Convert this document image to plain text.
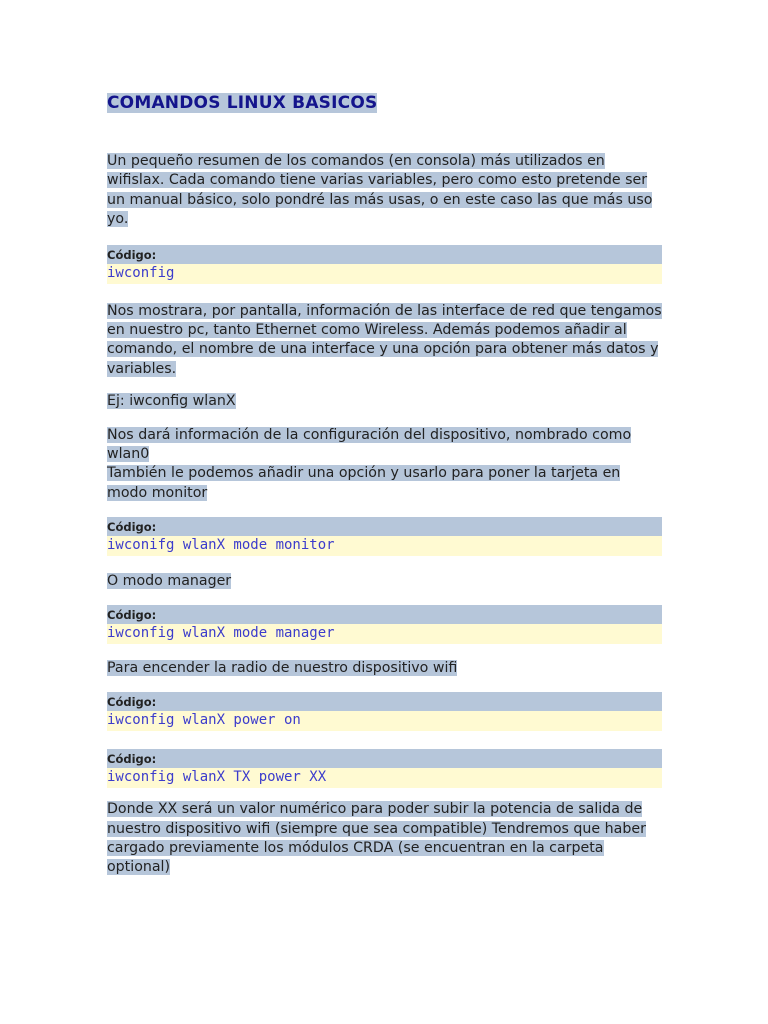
COMANDOS LINUX BASICOS

Un pequeño resumen de los comandos (en consola) más utilizados en wifislax. Cada comando tiene varias variables, pero como esto pretende ser un manual básico, solo pondré las más usas, o en este caso las que más uso yo.

Código:
iwconfig

Nos mostrara, por pantalla, información de las interface de red que tengamos en nuestro pc, tanto Ethernet como Wireless. Además podemos añadir al comando, el nombre de una interface y una opción para obtener más datos y variables.

Ej: iwconfig wlanX

Nos dará información de la configuración del dispositivo, nombrado como wlan0

También le podemos añadir una opción y usarlo para poner la tarjeta en modo monitor

Código:
iwconifg wlanX mode monitor

O modo manager

Código:
iwconfig wlanX mode manager

Para encender la radio de nuestro dispositivo wifi

Código:
iwconfig wlanX power on
Código:
iwconfig wlanX TX power XX

Donde XX será un valor numérico para poder subir la potencia de salida de nuestro dispositivo wifi (siempre que sea compatible) Tendremos que haber cargado previamente los módulos CRDA (se encuentran en la carpeta optional)
